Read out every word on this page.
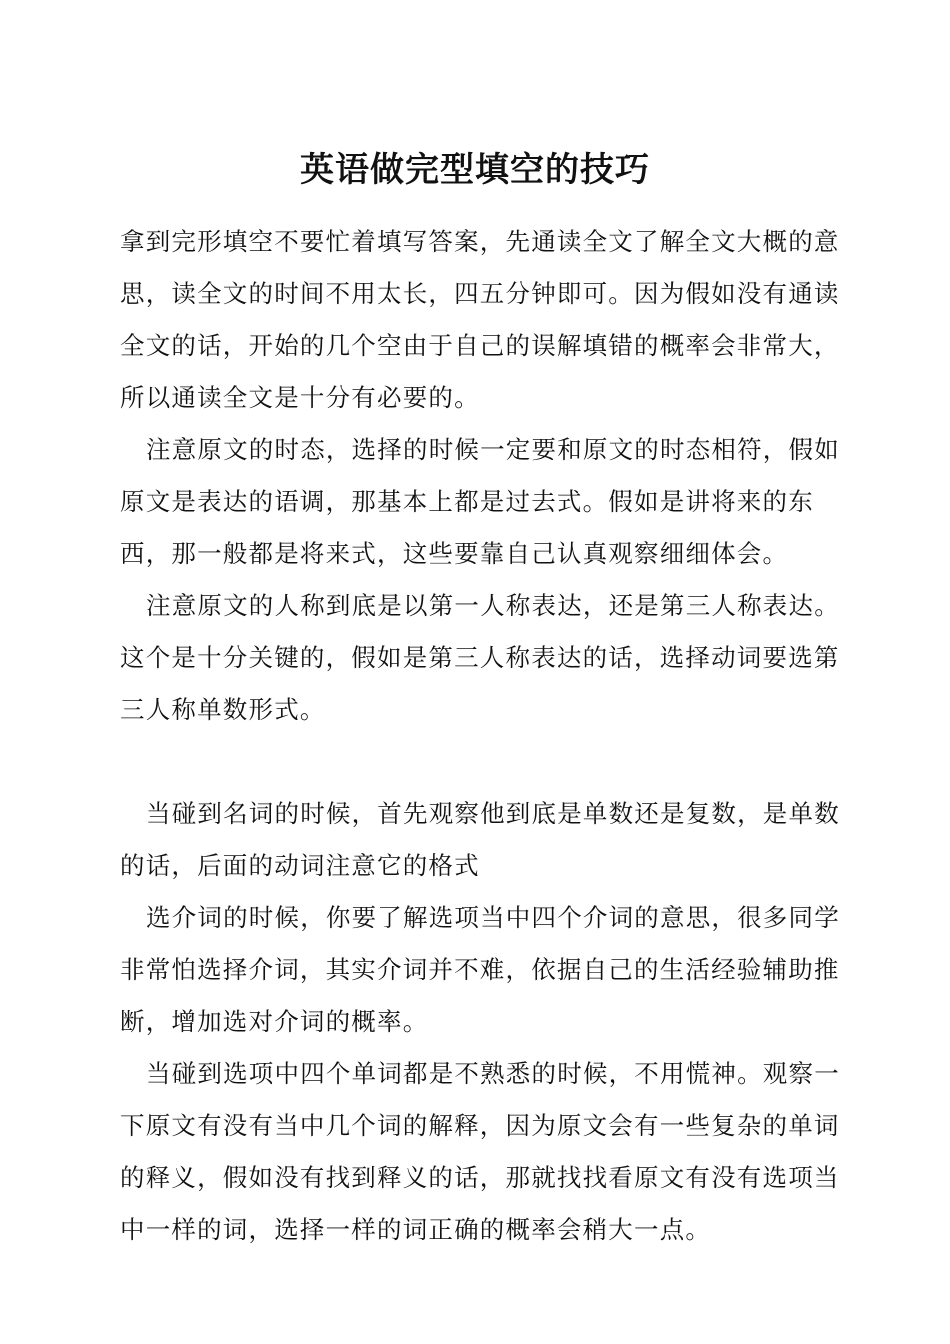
英语做完型填空的技巧

拿到完形填空不要忙着填写答案，先通读全文了解全文大概的意思，读全文的时间不用太长，四五分钟即可。因为假如没有通读全文的话，开始的几个空由于自己的误解填错的概率会非常大，所以通读全文是十分有必要的。

注意原文的时态，选择的时候一定要和原文的时态相符，假如原文是表达的语调，那基本上都是过去式。假如是讲将来的东西，那一般都是将来式，这些要靠自己认真观察细细体会。

注意原文的人称到底是以第一人称表达，还是第三人称表达。这个是十分关键的，假如是第三人称表达的话，选择动词要选第三人称单数形式。

当碰到名词的时候，首先观察他到底是单数还是复数，是单数的话，后面的动词注意它的格式

选介词的时候，你要了解选项当中四个介词的意思，很多同学非常怕选择介词，其实介词并不难，依据自己的生活经验辅助推断，增加选对介词的概率。

当碰到选项中四个单词都是不熟悉的时候，不用慌神。观察一下原文有没有当中几个词的解释，因为原文会有一些复杂的单词的释义，假如没有找到释义的话，那就找找看原文有没有选项当中一样的词，选择一样的词正确的概率会稍大一点。
